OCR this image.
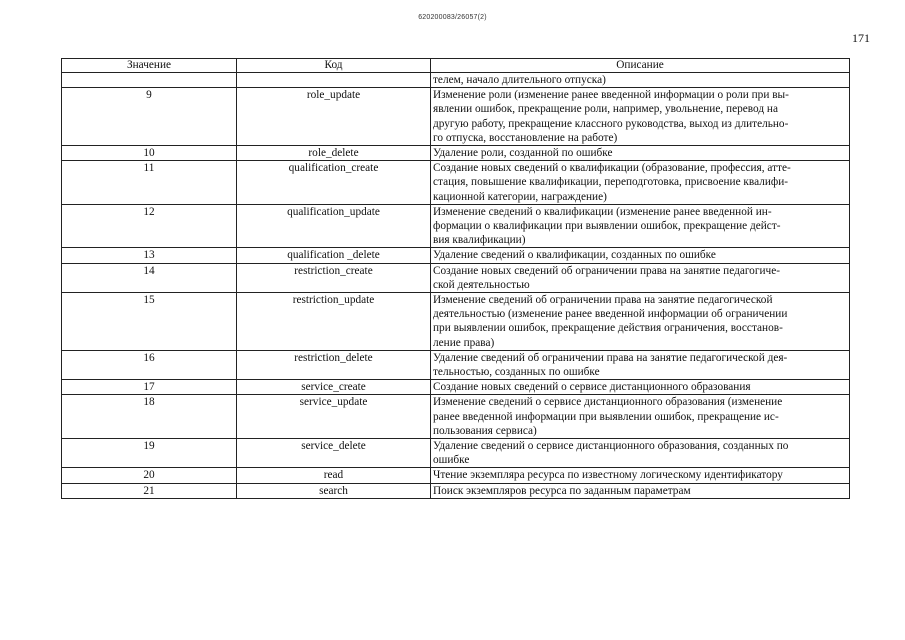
620200083/26057(2)
171
Значение	Код	Описание

		телем, начало длительного отпуска)

9	role_update	Изменение роли (изменение ранее введенной информации о роли при вы-
явлении ошибок, прекращение роли, например, увольнение, перевод на
другую работу, прекращение классного руководства, выход из длительно-
го отпуска, восстановление на работе)

10	role_delete	Удаление роли, созданной по ошибке

11	qualification_create	Создание новых сведений о квалификации (образование, профессия, атте-
стация, повышение квалификации, переподготовка, присвоение квалифи-
кационной категории, награждение)

12	qualification_update	Изменение сведений о квалификации (изменение ранее введенной ин-
формации о квалификации при выявлении ошибок, прекращение дейст-
вия квалификации)

13	qualification _delete	Удаление сведений о квалификации, созданных по ошибке

14	restriction_create	Создание новых сведений об ограничении права на занятие педагогиче-
ской деятельностью

15	restriction_update	Изменение сведений об ограничении права на занятие педагогической
деятельностью (изменение ранее введенной информации об ограничении
при выявлении ошибок, прекращение действия ограничения, восстанов-
ление права)

16	restriction_delete	Удаление сведений об ограничении права на занятие педагогической дея-
тельностью, созданных по ошибке

17	service_create	Создание новых сведений о сервисе дистанционного образования

18	service_update	Изменение сведений о сервисе дистанционного образования (изменение
ранее введенной информации при выявлении ошибок, прекращение ис-
пользования сервиса)

19	service_delete	Удаление сведений о сервисе дистанционного образования, созданных по
ошибке

20	read	Чтение экземпляра ресурса по известному логическому идентификатору

21	search	Поиск экземпляров ресурса по заданным параметрам
